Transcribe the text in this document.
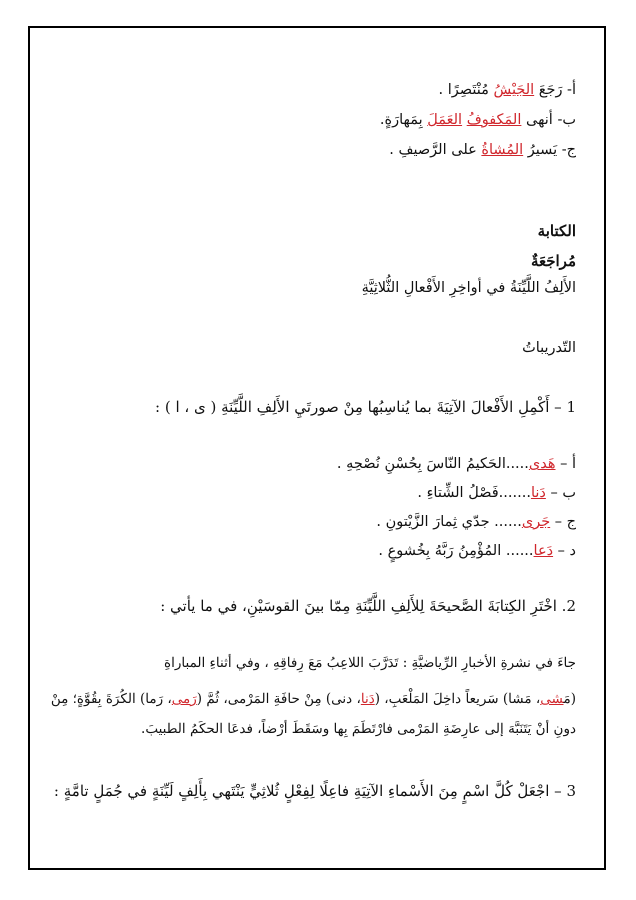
أ- رَجَعَ الجَيْشُ مُنْتَصِرًا .
ب- أنهى المَكفوفُ العَمَلَ بِمَهارَةٍ.
ج- يَسيرُ المُشاةُ على الرَّصيفِ .
الكتابة
مُراجَعَةٌ
الأَلِفُ اللَّيِّنَةُ في أواخِرِ الأَفْعالِ الثُّلاثِيَّةِ
التّدريباتُ
1 – أَكْمِلِ الأَفْعالَ الآتِيَةَ بما يُناسِبُها مِنْ صورتَيِ الأَلِفِ اللَّيِّنَةِ ( ى ، ا ) :
أ – هَدى.....الحَكيمُ النّاسَ بِحُسْنِ نُصْحِهِ .
ب – دَنا.......فَصْلُ الشِّتاءِ .
ج – جَرى...... جدّي ثِمارَ الزَّيْتونِ .
د – دَعا...... المُؤْمِنُ رَبَّهُ بِخُشوعٍ .
2. اخْتَرِ الكِتابَةَ الصَّحيحَةَ لِلأَلِفِ اللَّيِّنَةِ مِمّا بينَ القوسَيْنِ، في ما يأتي :
جاءَ في نشرةِ الأخبارِ الرِّياضيَّةِ : تَدَرَّبَ اللاعِبُ مَعَ رِفاقِهِ ، وفي أثناءِ المباراةِ
(مَشى، مَشا) سَريعاً داخِلَ المَلْعَبِ، (دَنا، دنى) مِنْ حافَةِ المَرْمى، ثُمَّ (رَمى، رَما) الكُرَةَ بِقُوَّةٍ؛ مِنْ دونِ أنْ يَتَنَبَّهَ إلى عارِضَةِ المَرْمى فارْتَطَمَ بِها وسَقَطَ أرْضاً، فدعَا الحكَمُ الطبيبَ.
3 – اجْعَلْ كُلَّ اسْمٍ مِنَ الأَسْماءِ الآتِيَةِ فاعِلًا لِفِعْلٍ ثُلاثِيٍّ يَنْتَهي بِأَلِفٍ لَيِّنَةٍ في جُمَلٍ تامَّةٍ :
